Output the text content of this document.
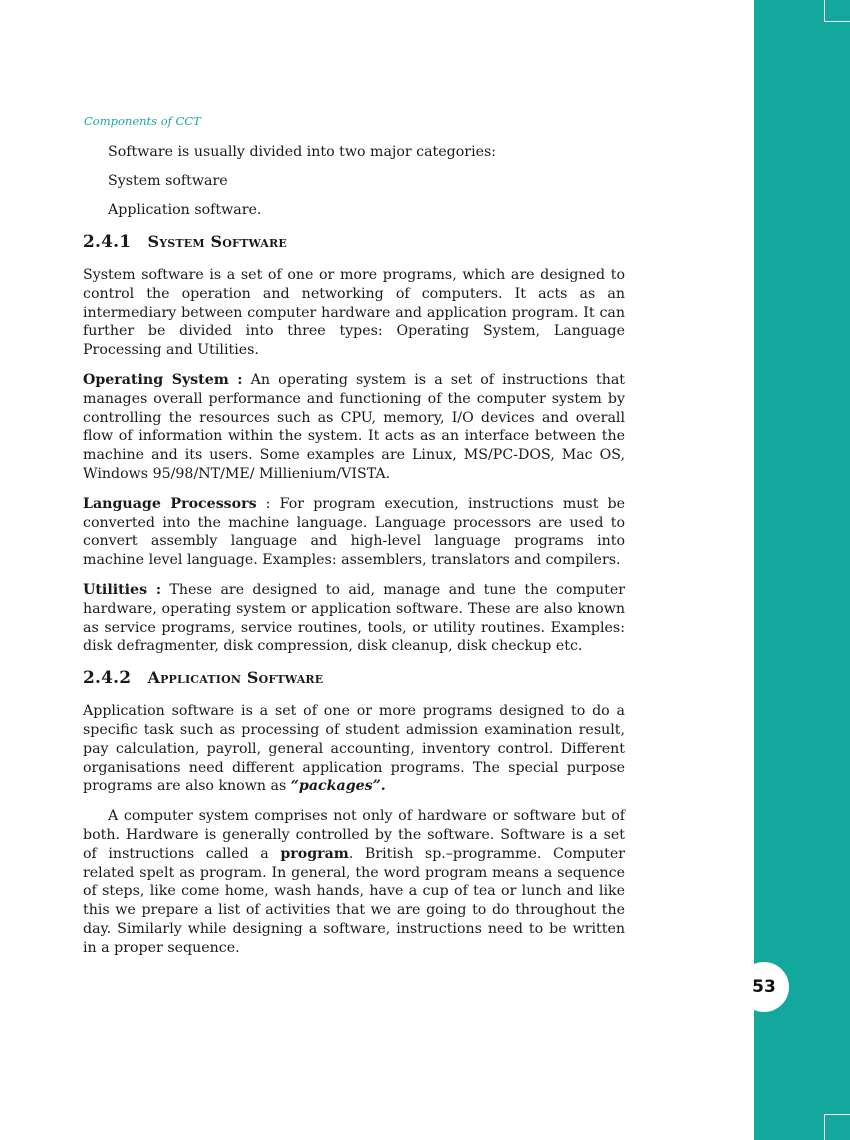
53
Components of CCT

Software is usually divided into two major categories:

System software

Application software.

2.4.1 System Software

System software is a set of one or more programs, which are designed to control the operation and networking of computers. It acts as an intermediary between computer hardware and application program. It can further be divided into three types: Operating System, Language Processing and Utilities.

Operating System : An operating system is a set of instructions that manages overall performance and functioning of the computer system by controlling the resources such as CPU, memory, I/O devices and overall flow of information within the system. It acts as an interface between the machine and its users. Some examples are Linux, MS/PC-DOS, Mac OS, Windows 95/98/NT/ME/ Millienium/VISTA.

Language Processors : For program execution, instructions must be converted into the machine language. Language processors are used to convert assembly language and high-level language programs into machine level language. Examples: assemblers, translators and compilers.

Utilities : These are designed to aid, manage and tune the computer hardware, operating system or application software. These are also known as service programs, service routines, tools, or utility routines. Examples: disk defragmenter, disk compression, disk cleanup, disk checkup etc.

2.4.2 Application Software

Application software is a set of one or more programs designed to do a specific task such as processing of student admission examination result, pay calculation, payroll, general accounting, inventory control. Different organisations need different application programs. The special purpose programs are also known as “packages”.

A computer system comprises not only of hardware or software but of both. Hardware is generally controlled by the software. Software is a set of instructions called a program. British sp.–programme. Computer related spelt as program. In general, the word program means a sequence of steps, like come home, wash hands, have a cup of tea or lunch and like this we prepare a list of activities that we are going to do throughout the day. Similarly while designing a software, instructions need to be written in a proper sequence.
